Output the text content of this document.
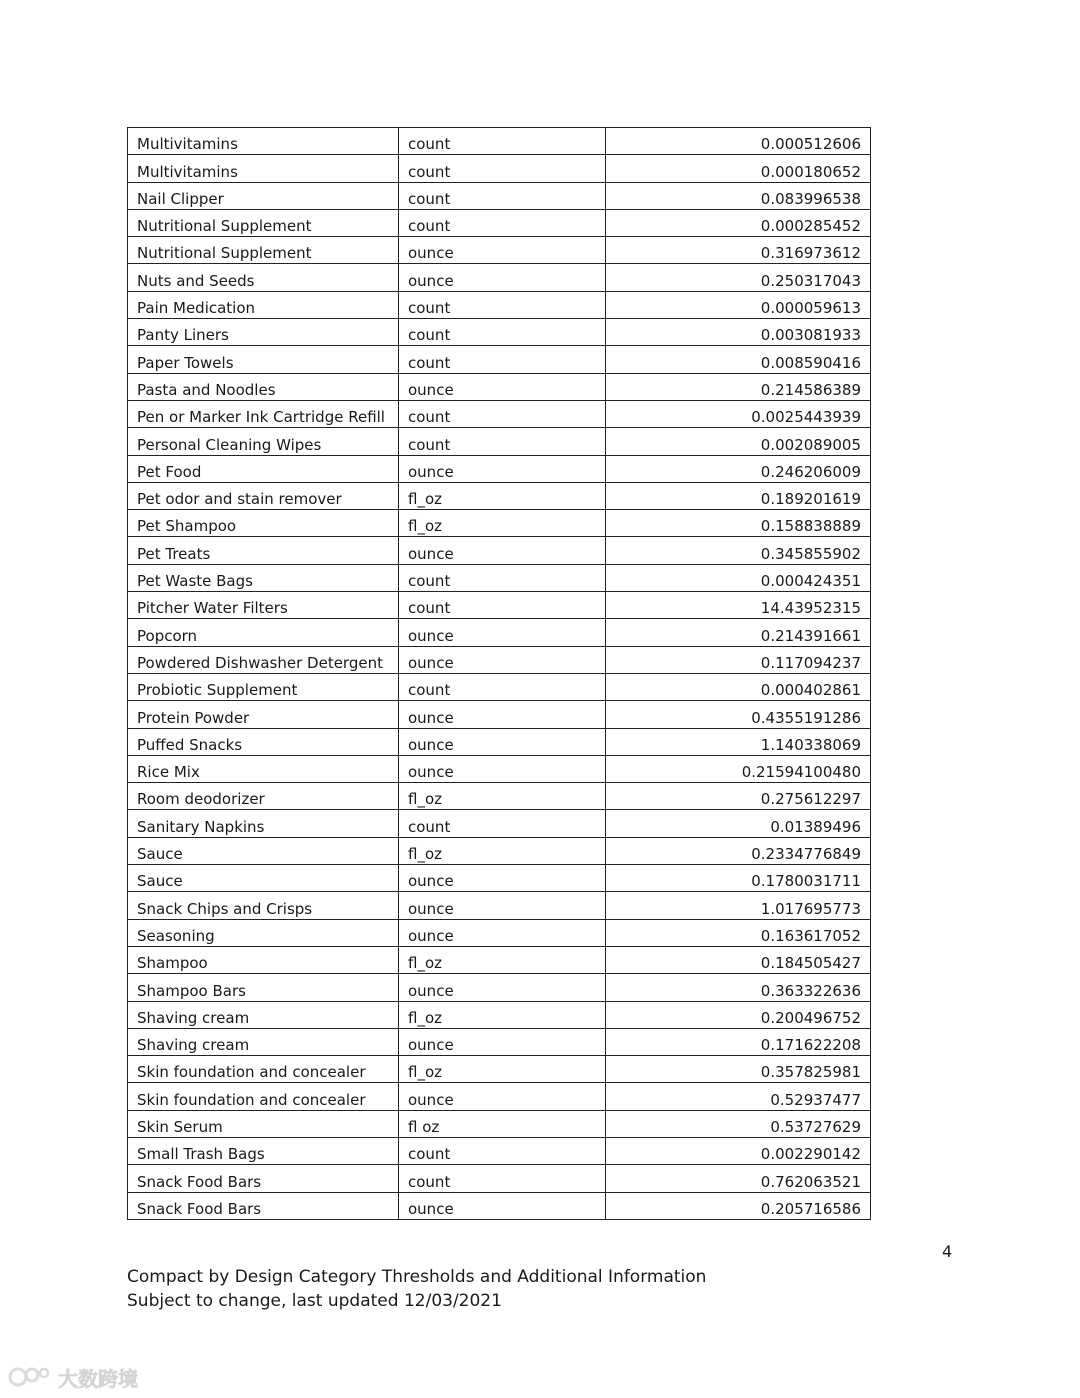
Multivitamins	count	0.000512606
Multivitamins	count	0.000180652
Nail Clipper	count	0.083996538
Nutritional Supplement	count	0.000285452
Nutritional Supplement	ounce	0.316973612
Nuts and Seeds	ounce	0.250317043
Pain Medication	count	0.000059613
Panty Liners	count	0.003081933
Paper Towels	count	0.008590416
Pasta and Noodles	ounce	0.214586389
Pen or Marker Ink Cartridge Refill	count	0.0025443939
Personal Cleaning Wipes	count	0.002089005
Pet Food	ounce	0.246206009
Pet odor and stain remover	fl_oz	0.189201619
Pet Shampoo	fl_oz	0.158838889
Pet Treats	ounce	0.345855902
Pet Waste Bags	count	0.000424351
Pitcher Water Filters	count	14.43952315
Popcorn	ounce	0.214391661
Powdered Dishwasher Detergent	ounce	0.117094237
Probiotic Supplement	count	0.000402861
Protein Powder	ounce	0.4355191286
Puffed Snacks	ounce	1.140338069
Rice Mix	ounce	0.21594100480
Room deodorizer	fl_oz	0.275612297
Sanitary Napkins	count	0.01389496
Sauce	fl_oz	0.2334776849
Sauce	ounce	0.1780031711
Snack Chips and Crisps	ounce	1.017695773
Seasoning	ounce	0.163617052
Shampoo	fl_oz	0.184505427
Shampoo Bars	ounce	0.363322636
Shaving cream	fl_oz	0.200496752
Shaving cream	ounce	0.171622208
Skin foundation and concealer	fl_oz	0.357825981
Skin foundation and concealer	ounce	0.52937477
Skin Serum	fl oz	0.53727629
Small Trash Bags	count	0.002290142
Snack Food Bars	count	0.762063521
Snack Food Bars	ounce	0.205716586
4
Compact by Design Category Thresholds and Additional Information
Subject to change, last updated 12/03/2021
大数跨境
